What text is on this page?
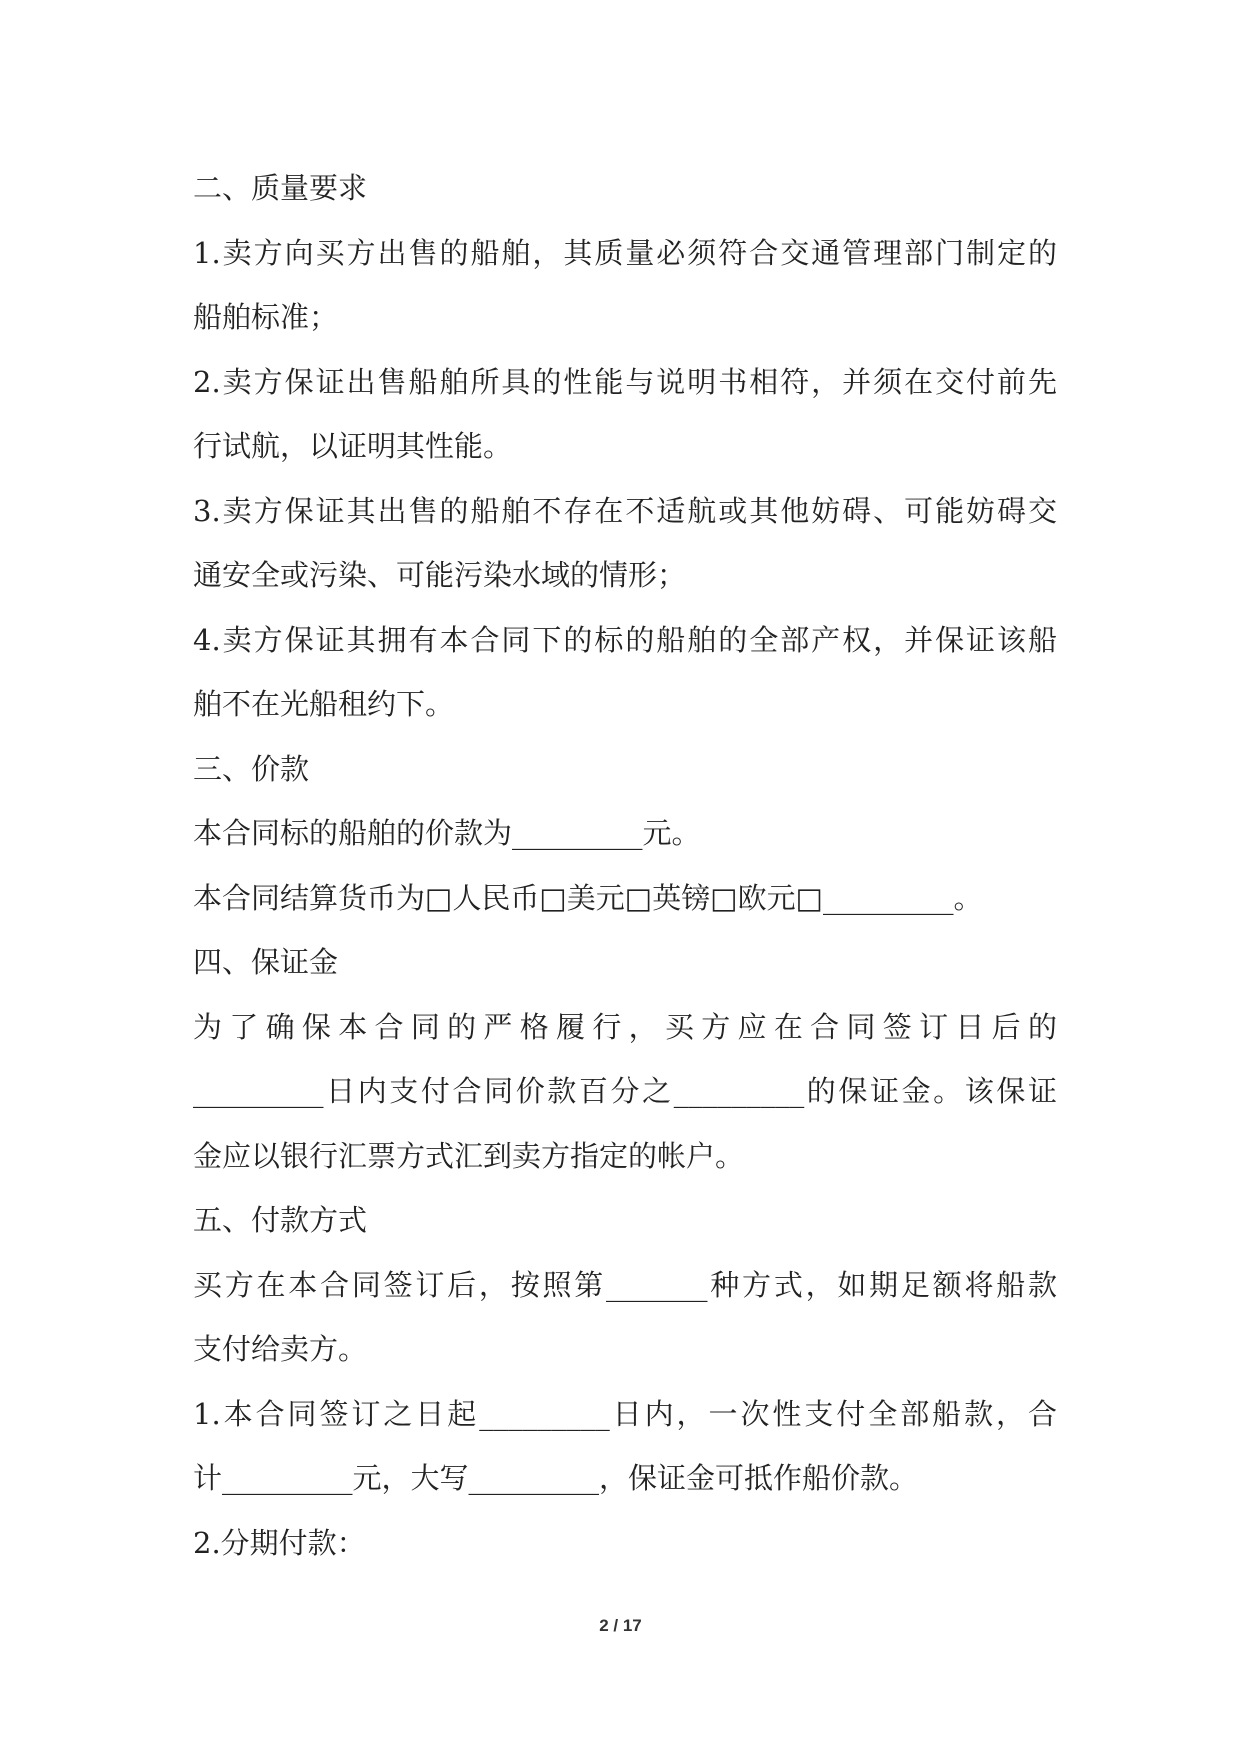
二、质量要求
1.卖方向买方出售的船舶，其质量必须符合交通管理部门制定的
船舶标准；
2.卖方保证出售船舶所具的性能与说明书相符，并须在交付前先
行试航，以证明其性能。
3.卖方保证其出售的船舶不存在不适航或其他妨碍、可能妨碍交
通安全或污染、可能污染水域的情形；
4.卖方保证其拥有本合同下的标的船舶的全部产权，并保证该船
舶不在光船租约下。
三、价款
本合同标的船舶的价款为_________元。
本合同结算货币为□人民币□美元□英镑□欧元□_________。
四、保证金
为了确保本合同的严格履行，买方应在合同签订日后的
_________日内支付合同价款百分之_________的保证金。该保证
金应以银行汇票方式汇到卖方指定的帐户。
五、付款方式
买方在本合同签订后，按照第_______种方式，如期足额将船款
支付给卖方。
1.本合同签订之日起_________日内，一次性支付全部船款，合
计_________元，大写_________，保证金可抵作船价款。
2.分期付款：
2 / 17
